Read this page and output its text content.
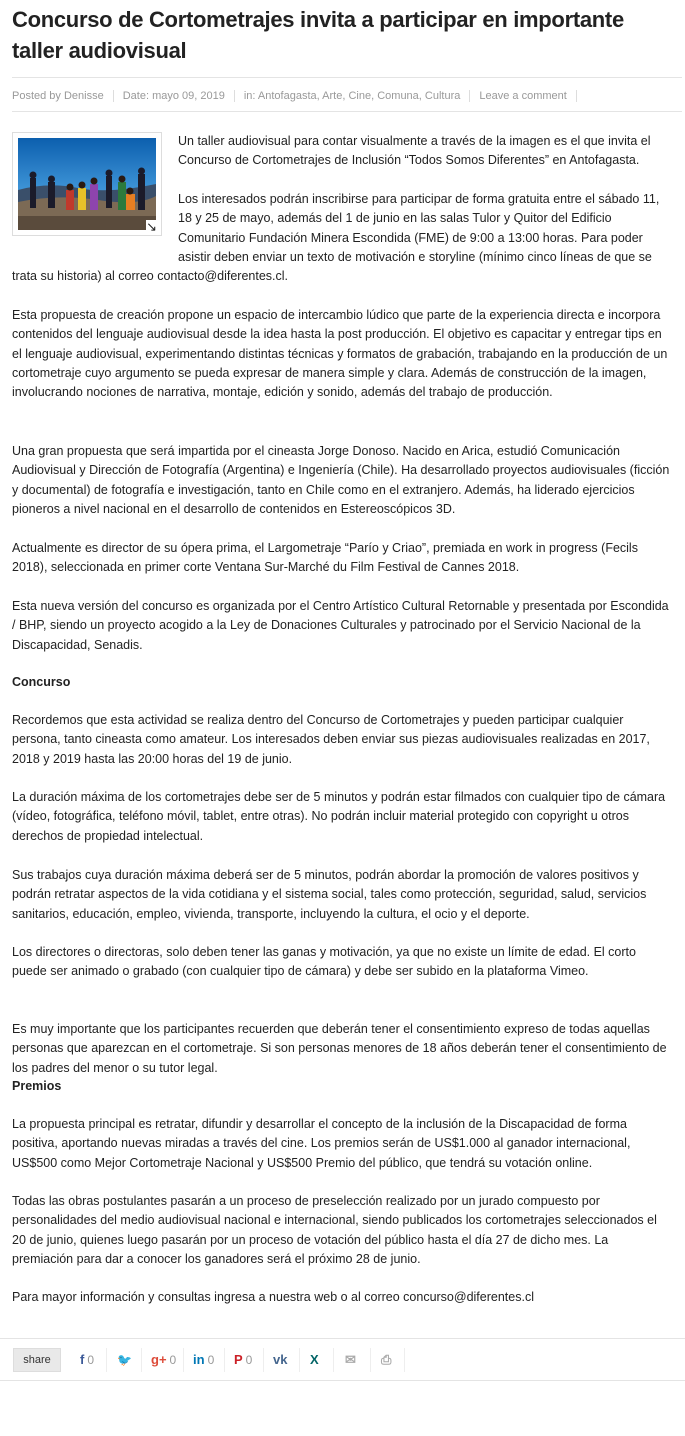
Concurso de Cortometrajes invita a participar en importante taller audiovisual
Posted by Denisse Date: mayo 09, 2019 in: Antofagasta, Arte, Cine, Comuna, Cultura Leave a comment
↘

Un taller audiovisual para contar visualmente a través de la imagen es el que invita el Concurso de Cortometrajes de Inclusión “Todos Somos Diferentes” en Antofagasta.

Los interesados podrán inscribirse para participar de forma gratuita entre el sábado 11, 18 y 25 de mayo, además del 1 de junio en las salas Tulor y Quitor del Edificio Comunitario Fundación Minera Escondida (FME) de 9:00 a 13:00 horas. Para poder asistir deben enviar un texto de motivación e storyline (mínimo cinco líneas de que se

trata su historia) al correo contacto@diferentes.cl.

Esta propuesta de creación propone un espacio de intercambio lúdico que parte de la experiencia directa e incorpora contenidos del lenguaje audiovisual desde la idea hasta la post producción. El objetivo es capacitar y entregar tips en el lenguaje audiovisual, experimentando distintas técnicas y formatos de grabación, trabajando en la producción de un cortometraje cuyo argumento se pueda expresar de manera simple y clara. Además de construcción de la imagen, involucrando nociones de narrativa, montaje, edición y sonido, además del trabajo de producción.

Una gran propuesta que será impartida por el cineasta Jorge Donoso. Nacido en Arica, estudió Comunicación Audiovisual y Dirección de Fotografía (Argentina) e Ingeniería (Chile). Ha desarrollado proyectos audiovisuales (ficción y documental) de fotografía e investigación, tanto en Chile como en el extranjero. Además, ha liderado ejercicios pioneros a nivel nacional en el desarrollo de contenidos en Estereoscópicos 3D.

Actualmente es director de su ópera prima, el Largometraje “Parío y Criao”, premiada en work in progress (Fecils 2018), seleccionada en primer corte Ventana Sur-Marché du Film Festival de Cannes 2018.

Esta nueva versión del concurso es organizada por el Centro Artístico Cultural Retornable y presentada por Escondida / BHP, siendo un proyecto acogido a la Ley de Donaciones Culturales y patrocinado por el Servicio Nacional de la Discapacidad, Senadis.

Concurso

Recordemos que esta actividad se realiza dentro del Concurso de Cortometrajes y pueden participar cualquier persona, tanto cineasta como amateur. Los interesados deben enviar sus piezas audiovisuales realizadas en 2017, 2018 y 2019 hasta las 20:00 horas del 19 de junio.

La duración máxima de los cortometrajes debe ser de 5 minutos y podrán estar filmados con cualquier tipo de cámara (vídeo, fotográfica, teléfono móvil, tablet, entre otras). No podrán incluir material protegido con copyright u otros derechos de propiedad intelectual.

Sus trabajos cuya duración máxima deberá ser de 5 minutos, podrán abordar la promoción de valores positivos y podrán retratar aspectos de la vida cotidiana y el sistema social, tales como protección, seguridad, salud, servicios sanitarios, educación, empleo, vivienda, transporte, incluyendo la cultura, el ocio y el deporte.

Los directores o directoras, solo deben tener las ganas y motivación, ya que no existe un límite de edad. El corto puede ser animado o grabado (con cualquier tipo de cámara) y debe ser subido en la plataforma Vimeo.

Es muy importante que los participantes recuerden que deberán tener el consentimiento expreso de todas aquellas personas que aparezcan en el cortometraje. Si son personas menores de 18 años deberán tener el consentimiento de los padres del menor o su tutor legal.

Premios

La propuesta principal es retratar, difundir y desarrollar el concepto de la inclusión de la Discapacidad de forma positiva, aportando nuevas miradas a través del cine. Los premios serán de US$1.000 al ganador internacional, US$500 como Mejor Cortometraje Nacional y US$500 Premio del público, que tendrá su votación online.

Todas las obras postulantes pasarán a un proceso de preselección realizado por un jurado compuesto por personalidades del medio audiovisual nacional e internacional, siendo publicados los cortometrajes seleccionados el 20 de junio, quienes luego pasarán por un proceso de votación del público hasta el día 27 de dicho mes. La premiación para dar a conocer los ganadores será el próximo 28 de junio.

Para mayor información y consultas ingresa a nuestra web o al correo concurso@diferentes.cl

share	f 0 🐦 g+ 0 in 0 P 0 vk X ✉ ⎙
